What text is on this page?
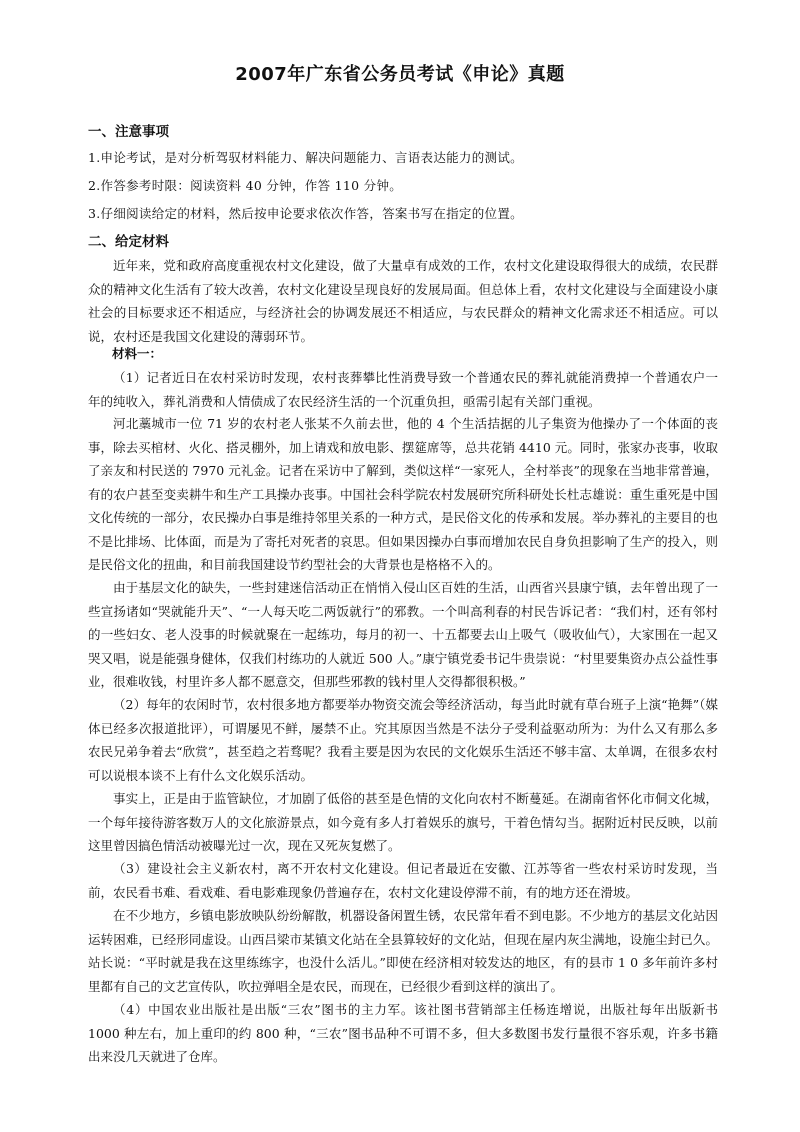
2007年广东省公务员考试《申论》真题
一、注意事项
1.申论考试，是对分析驾驭材料能力、解决问题能力、言语表达能力的测试。
2.作答参考时限：阅读资料 40 分钟，作答 110 分钟。
3.仔细阅读给定的材料，然后按申论要求依次作答，答案书写在指定的位置。
二、给定材料
近年来，党和政府高度重视农村文化建设，做了大量卓有成效的工作，农村文化建设取得很大的成绩，农民群众的精神文化生活有了较大改善，农村文化建设呈现良好的发展局面。但总体上看，农村文化建设与全面建设小康社会的目标要求还不相适应，与经济社会的协调发展还不相适应，与农民群众的精神文化需求还不相适应。可以说，农村还是我国文化建设的薄弱环节。
材料一：
（1）记者近日在农村采访时发现，农村丧葬攀比性消费导致一个普通农民的葬礼就能消费掉一个普通农户一年的纯收入，葬礼消费和人情债成了农民经济生活的一个沉重负担，亟需引起有关部门重视。
河北藁城市一位 71 岁的农村老人张某不久前去世，他的 4 个生活拮据的儿子集资为他操办了一个体面的丧事，除去买棺材、火化、搭灵棚外，加上请戏和放电影、摆筵席等，总共花销 4410 元。同时，张家办丧事，收取了亲友和村民送的 7970 元礼金。记者在采访中了解到，类似这样“一家死人，全村举丧”的现象在当地非常普遍，有的农户甚至变卖耕牛和生产工具操办丧事。中国社会科学院农村发展研究所科研处长杜志雄说：重生重死是中国文化传统的一部分，农民操办白事是维持邻里关系的一种方式，是民俗文化的传承和发展。举办葬礼的主要目的也不是比排场、比体面，而是为了寄托对死者的哀思。但如果因操办白事而增加农民自身负担影响了生产的投入，则是民俗文化的扭曲，和目前我国建设节约型社会的大背景也是格格不入的。
由于基层文化的缺失，一些封建迷信活动正在悄悄入侵山区百姓的生活，山西省兴县康宁镇，去年曾出现了一些宣扬诸如“哭就能升天”、“一人每天吃二两饭就行”的邪教。一个叫高利春的村民告诉记者：“我们村，还有邻村的一些妇女、老人没事的时候就聚在一起练功，每月的初一、十五都要去山上吸气（吸收仙气），大家围在一起又哭又唱，说是能强身健体，仅我们村练功的人就近 500 人。”康宁镇党委书记牛贵崇说：“村里要集资办点公益性事业，很难收钱，村里许多人都不愿意交，但那些邪教的钱村里人交得都很积极。”
（2）每年的农闲时节，农村很多地方都要举办物资交流会等经济活动，每当此时就有草台班子上演“艳舞”（媒体已经多次报道批评），可谓屡见不鲜，屡禁不止。究其原因当然是不法分子受利益驱动所为：为什么又有那么多农民兄弟争着去“欣赏”，甚至趋之若骛呢？我看主要是因为农民的文化娱乐生活还不够丰富、太单调，在很多农村可以说根本谈不上有什么文化娱乐活动。
事实上，正是由于监管缺位，才加剧了低俗的甚至是色情的文化向农村不断蔓延。在湖南省怀化市侗文化城，一个每年接待游客数万人的文化旅游景点，如今竟有多人打着娱乐的旗号，干着色情勾当。据附近村民反映，以前这里曾因搞色情活动被曝光过一次，现在又死灰复燃了。
（3）建设社会主义新农村，离不开农村文化建设。但记者最近在安徽、江苏等省一些农村采访时发现，当前，农民看书难、看戏难、看电影难现象仍普遍存在，农村文化建设停滞不前，有的地方还在滑坡。
在不少地方，乡镇电影放映队纷纷解散，机器设备闲置生锈，农民常年看不到电影。不少地方的基层文化站因运转困难，已经形同虚设。山西吕梁市某镇文化站在全县算较好的文化站，但现在屋内灰尘满地，设施尘封已久。站长说：“平时就是我在这里练练字，也没什么活儿。”即使在经济相对较发达的地区，有的县市 1 0 多年前许多村里都有自己的文艺宣传队，吹拉弹唱全是农民，而现在，已经很少看到这样的演出了。
（4）中国农业出版社是出版“三农”图书的主力军。该社图书营销部主任杨连增说，出版社每年出版新书 1000 种左右，加上重印的约 800 种，“三农”图书品种不可谓不多，但大多数图书发行量很不容乐观，许多书籍出来没几天就进了仓库。
